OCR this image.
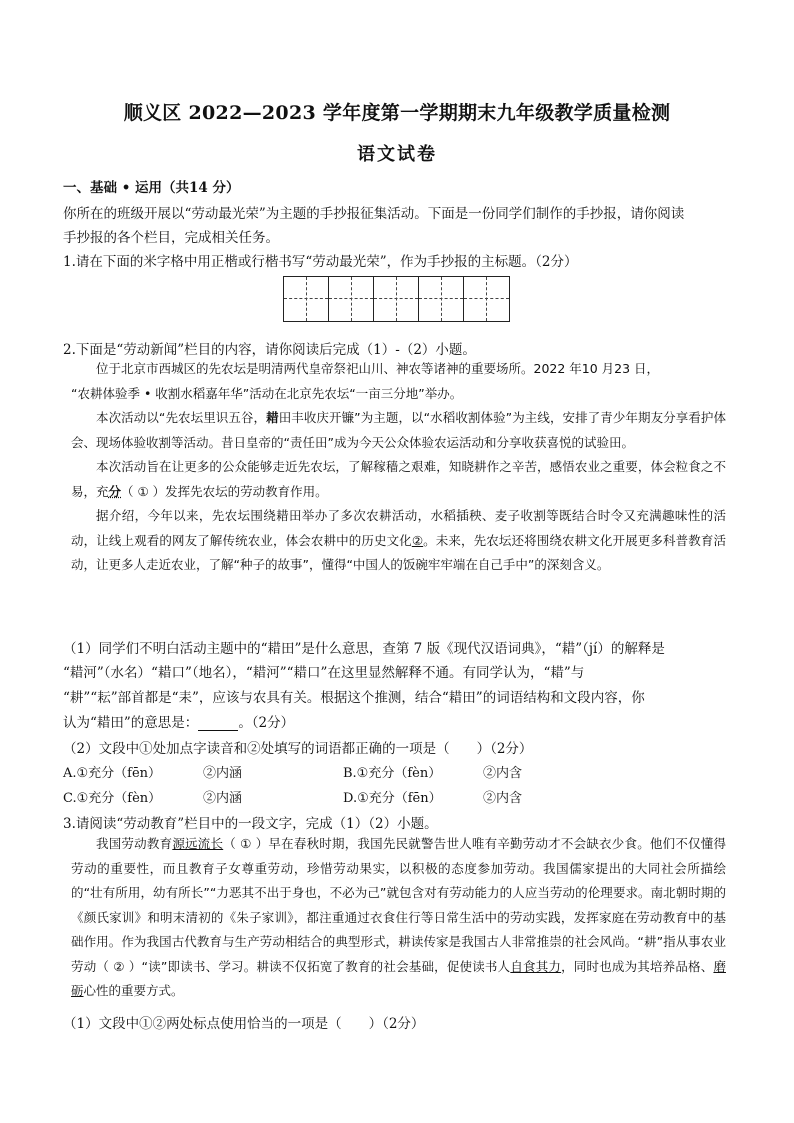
顺义区 2022—2023 学年度第一学期期末九年级教学质量检测
语文试卷
一、基础 • 运用（共14 分）
你所在的班级开展以“劳动最光荣”为主题的手抄报征集活动。下面是一份同学们制作的手抄报，请你阅读
手抄报的各个栏目，完成相关任务。
1.请在下面的米字格中用正楷或行楷书写“劳动最光荣”，作为手抄报的主标题。（2分）
2.下面是“劳动新闻”栏目的内容，请你阅读后完成（1）-（2）小题。

位于北京市西城区的先农坛是明清两代皇帝祭祀山川、神农等诸神的重要场所。2022 年10 月23 日，
“农耕体验季 • 收割水稻嘉年华”活动在北京先农坛“一亩三分地”举办。

本次活动以“先农坛里识五谷，耤田丰收庆开镰”为主题，以“水稻收割体验”为主线，安排了青少年期友分享看护体会、现场体验收割等活动。昔日皇帝的“责任田”成为今天公众体验农运活动和分享收获喜悦的试验田。

本次活动旨在让更多的公众能够走近先农坛，了解稼穑之艰难，知晓耕作之辛苦，感悟农业之重要，体会粒食之不易，充分（ ① ）发挥先农坛的劳动教育作用。

据介绍，今年以来，先农坛围绕耤田举办了多次农耕活动，水稻插秧、麦子收割等既结合时令又充满趣味性的活动，让线上观看的网友了解传统农业，体会农耕中的历史文化②。未来，先农坛还将围绕农耕文化开展更多科普教育活动，让更多人走近农业，了解“种子的故事”，懂得“中国人的饭碗牢牢端在自己手中”的深刻含义。

（1）同学们不明白活动主题中的“耤田”是什么意思，查第 7 版《现代汉语词典》，“耤”（jí）的解释是
“耤河”（水名）“耤口”（地名），“耤河”“耤口”在这里显然解释不通。有同学认为，“耤”与
“耕”“耘”部首都是“耒”，应该与农具有关。根据这个推测，结合“耤田”的词语结构和文段内容，你
认为“耤田”的意思是：	。（2分）
（2）文段中①处加点字读音和②处填写的词语都正确的一项是（　　）（2分）
A.①充分（fēn）	②内涵	B.①充分（fèn）	②内含
C.①充分（fèn）	②内涵	D.①充分（fēn）	②内含
3.请阅读“劳动教育”栏目中的一段文字，完成（1）（2）小题。

我国劳动教育源远流长（ ① ）早在春秋时期，我国先民就警告世人唯有辛勤劳动才不会缺衣少食。他们不仅懂得劳动的重要性，而且教育子女尊重劳动，珍惜劳动果实，以积极的态度参加劳动。我国儒家提出的大同社会所描绘的“壮有所用，幼有所长”“力恶其不出于身也，不必为己”就包含对有劳动能力的人应当劳动的伦理要求。南北朝时期的《颜氏家训》和明末清初的《朱子家训》，都注重通过衣食住行等日常生活中的劳动实践，发挥家庭在劳动教育中的基础作用。作为我国古代教育与生产劳动相结合的典型形式，耕读传家是我国古人非常推崇的社会风尚。“耕”指从事农业劳动（ ② ）“读”即读书、学习。耕读不仅拓宽了教育的社会基础，促使读书人自食其力，同时也成为其培养品格、磨砺心性的重要方式。

（1）文段中①②两处标点使用恰当的一项是（　　）（2分）
